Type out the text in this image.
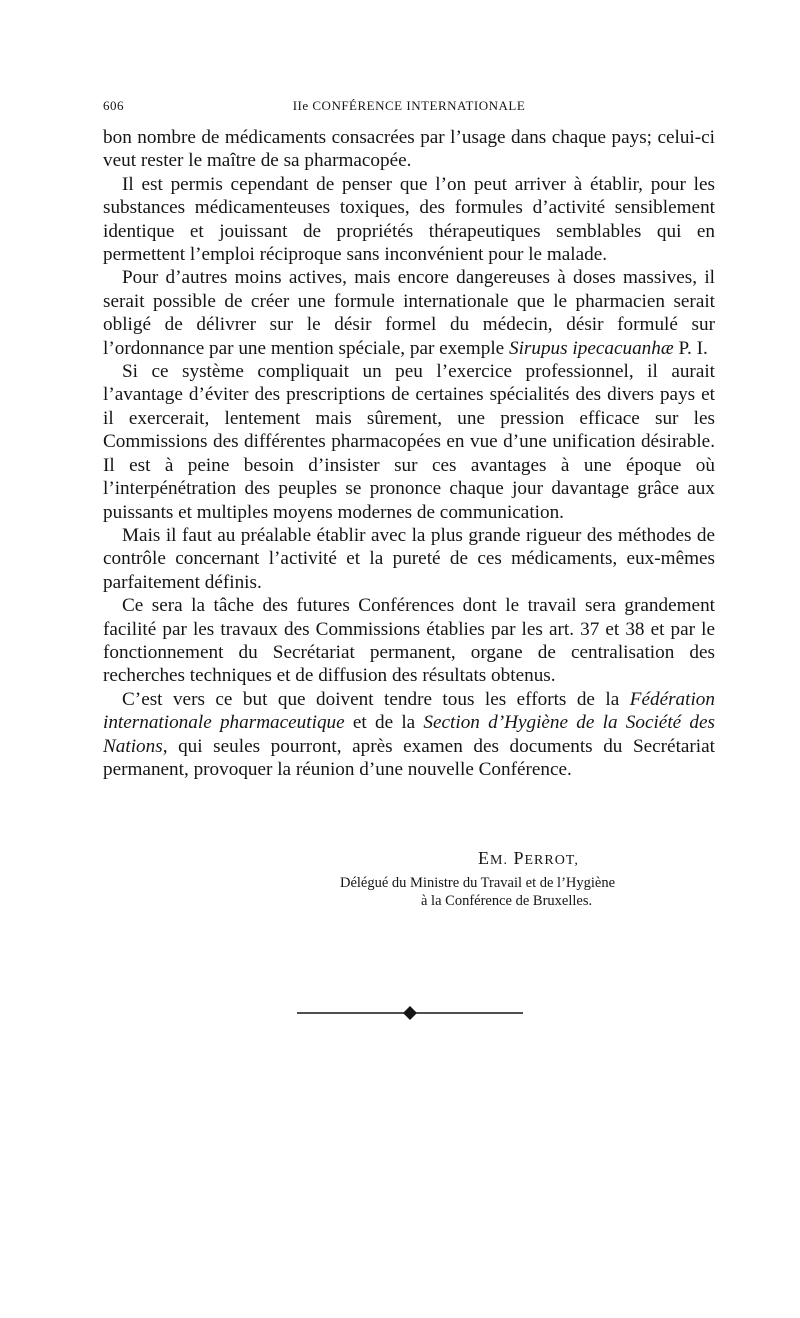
606	IIe CONFÉRENCE INTERNATIONALE

bon nombre de médicaments consacrées par l’usage dans chaque pays; celui-ci veut rester le maître de sa pharmacopée.

Il est permis cependant de penser que l’on peut arriver à établir, pour les substances médicamenteuses toxiques, des formules d’activité sensiblement identique et jouissant de propriétés thérapeutiques semblables qui en permettent l’emploi réciproque sans inconvénient pour le malade.

Pour d’autres moins actives, mais encore dangereuses à doses massives, il serait possible de créer une formule internationale que le pharmacien serait obligé de délivrer sur le désir formel du médecin, désir formulé sur l’ordonnance par une mention spéciale, par exemple Sirupus ipecacuanhæ P. I.

Si ce système compliquait un peu l’exercice professionnel, il aurait l’avantage d’éviter des prescriptions de certaines spécialités des divers pays et il exercerait, lentement mais sûrement, une pression efficace sur les Commissions des différentes pharmacopées en vue d’une unification désirable. Il est à peine besoin d’insister sur ces avantages à une époque où l’interpénétration des peuples se prononce chaque jour davantage grâce aux puissants et multiples moyens modernes de communication.

Mais il faut au préalable établir avec la plus grande rigueur des méthodes de contrôle concernant l’activité et la pureté de ces médicaments, eux-mêmes parfaitement définis.

Ce sera la tâche des futures Conférences dont le travail sera grandement facilité par les travaux des Commissions établies par les art. 37 et 38 et par le fonctionnement du Secrétariat permanent, organe de centralisation des recherches techniques et de diffusion des résultats obtenus.

C’est vers ce but que doivent tendre tous les efforts de la Fédération internationale pharmaceutique et de la Section d’Hygiène de la Société des Nations, qui seules pourront, après examen des documents du Secrétariat permanent, provoquer la réunion d’une nouvelle Conférence.

EM. PERROT,
Délégué du Ministre du Travail et de l’Hygiène
à la Conférence de Bruxelles.
